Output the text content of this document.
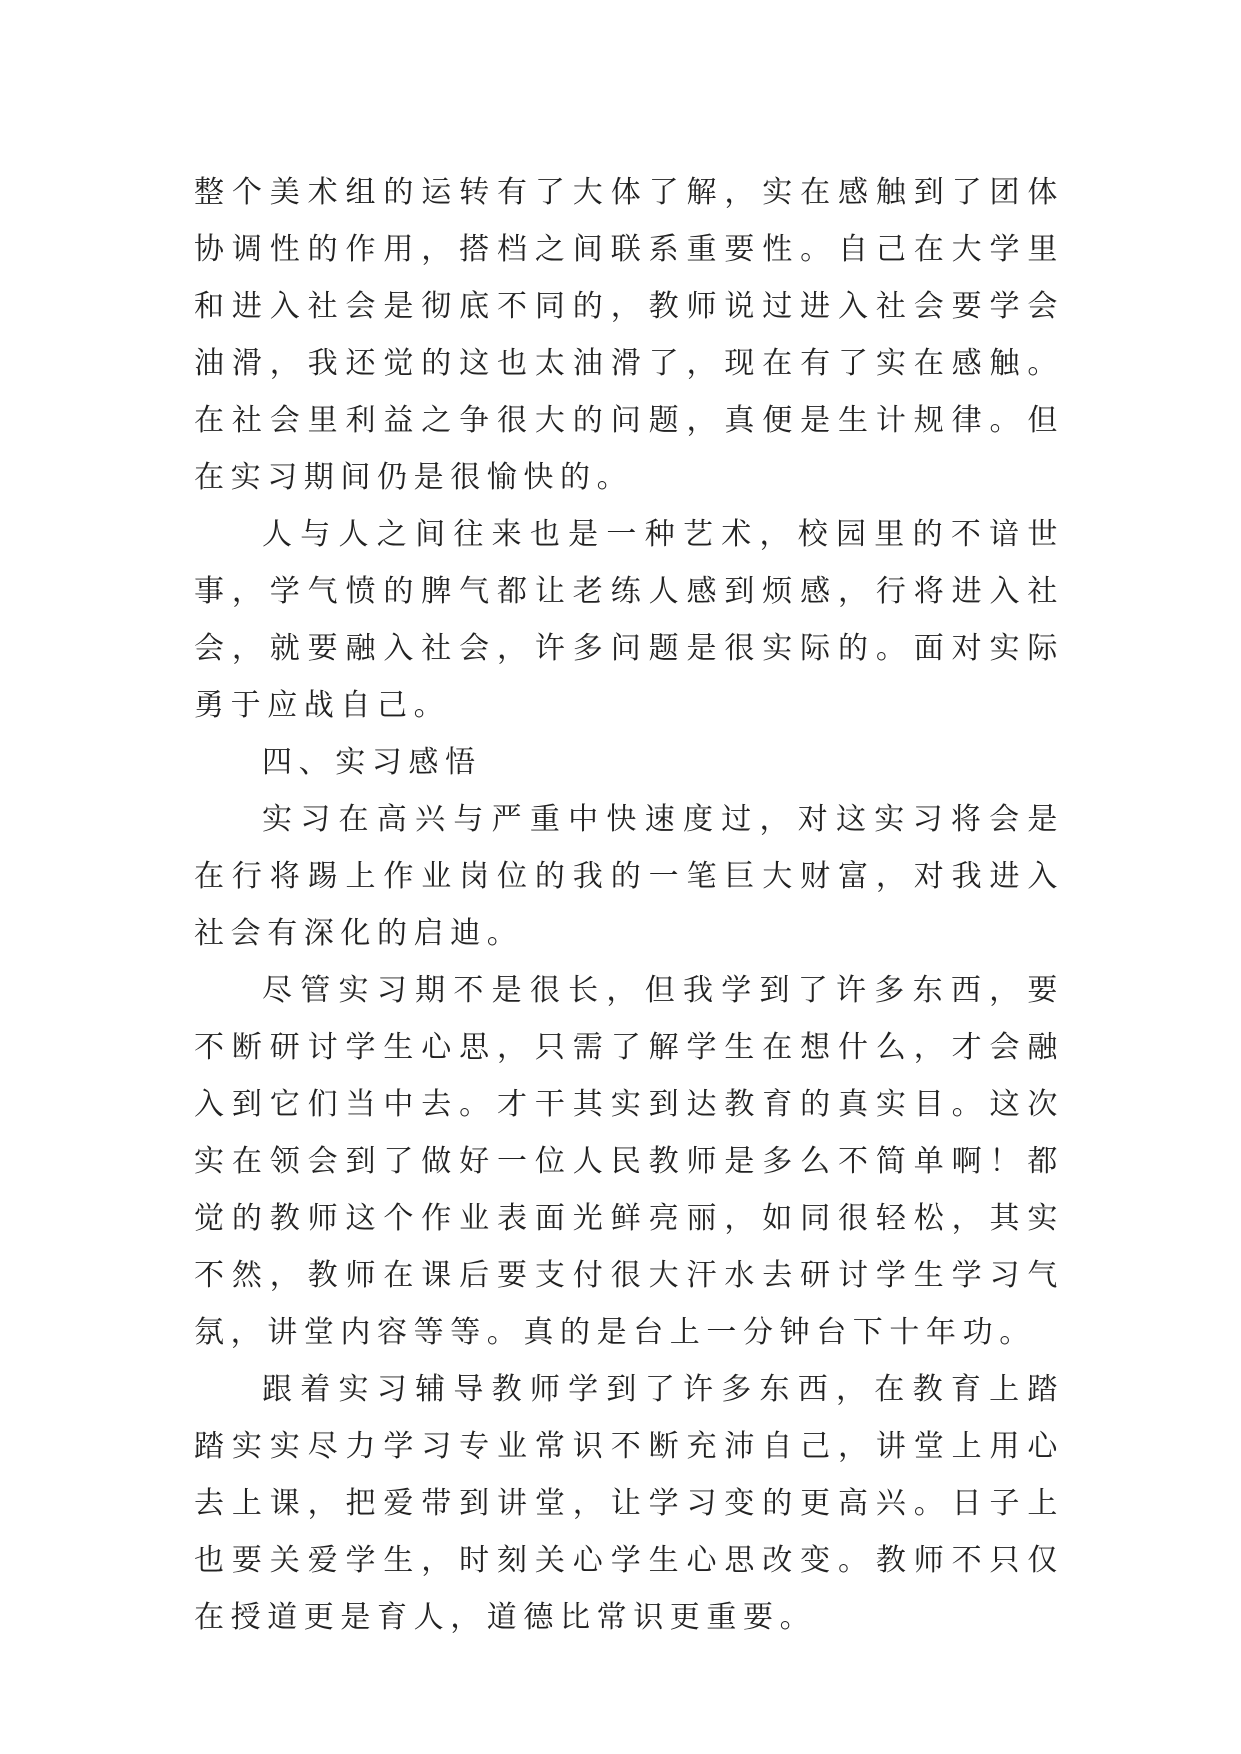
整个美术组的运转有了大体了解，实在感触到了团体协调性的作用，搭档之间联系重要性。自己在大学里和进入社会是彻底不同的，教师说过进入社会要学会油滑，我还觉的这也太油滑了，现在有了实在感触。在社会里利益之争很大的问题，真便是生计规律。但在实习期间仍是很愉快的。

人与人之间往来也是一种艺术，校园里的不谙世事，学气愤的脾气都让老练人感到烦感，行将进入社会，就要融入社会，许多问题是很实际的。面对实际勇于应战自己。

四、实习感悟

实习在高兴与严重中快速度过，对这实习将会是在行将踢上作业岗位的我的一笔巨大财富，对我进入社会有深化的启迪。

尽管实习期不是很长，但我学到了许多东西，要不断研讨学生心思，只需了解学生在想什么，才会融入到它们当中去。才干其实到达教育的真实目。这次实在领会到了做好一位人民教师是多么不简单啊！都觉的教师这个作业表面光鲜亮丽，如同很轻松，其实不然，教师在课后要支付很大汗水去研讨学生学习气氛，讲堂内容等等。真的是台上一分钟台下十年功。

跟着实习辅导教师学到了许多东西，在教育上踏踏实实尽力学习专业常识不断充沛自己，讲堂上用心去上课，把爱带到讲堂，让学习变的更高兴。日子上也要关爱学生，时刻关心学生心思改变。教师不只仅在授道更是育人，道德比常识更重要。
